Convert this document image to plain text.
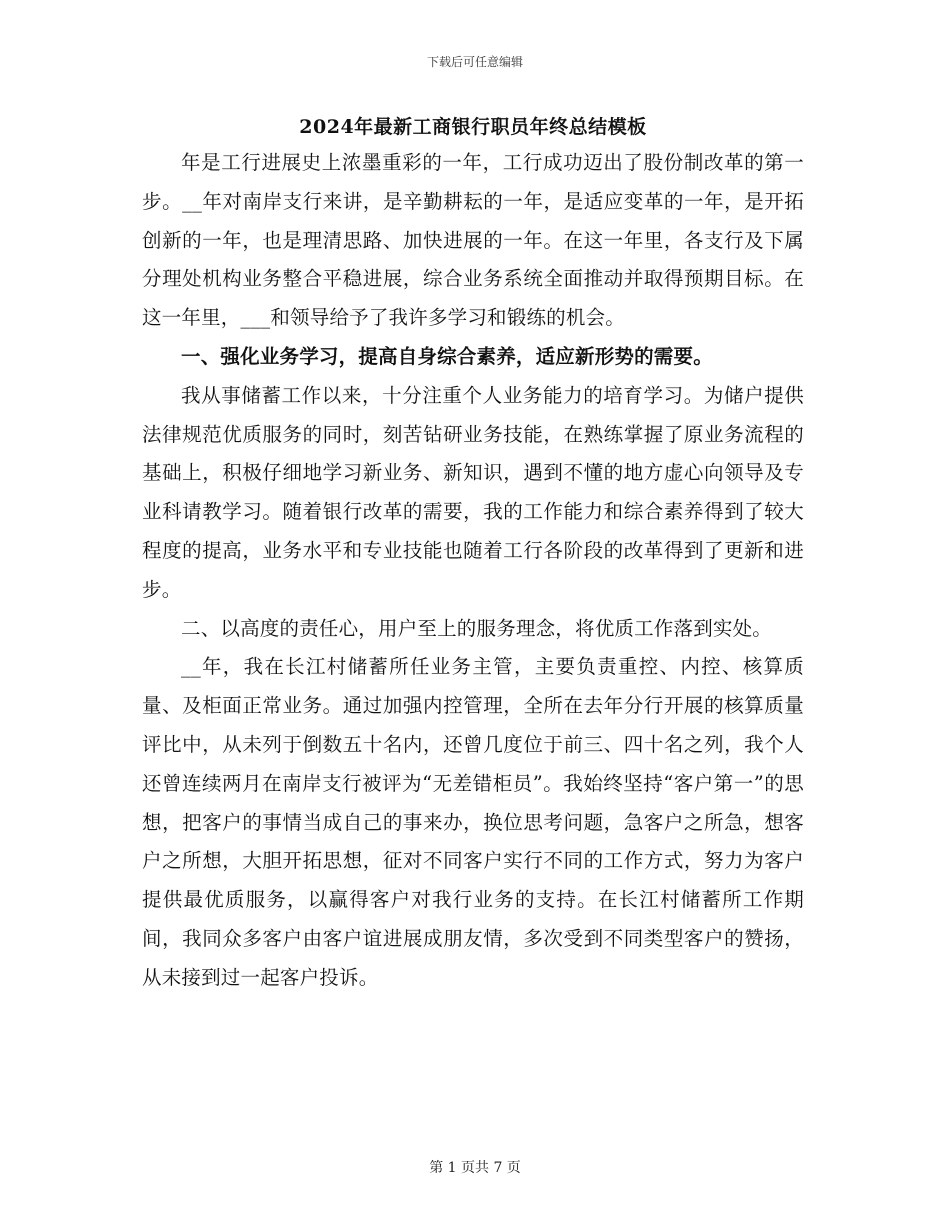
下载后可任意编辑
2024年最新工商银行职员年终总结模板

年是工行进展史上浓墨重彩的一年，工行成功迈出了股份制改革的第一步。__年对南岸支行来讲，是辛勤耕耘的一年，是适应变革的一年，是开拓创新的一年，也是理清思路、加快进展的一年。在这一年里，各支行及下属分理处机构业务整合平稳进展，综合业务系统全面推动并取得预期目标。在这一年里，___和领导给予了我许多学习和锻练的机会。

一、强化业务学习，提高自身综合素养，适应新形势的需要。

我从事储蓄工作以来，十分注重个人业务能力的培育学习。为储户提供法律规范优质服务的同时，刻苦钻研业务技能，在熟练掌握了原业务流程的基础上，积极仔细地学习新业务、新知识，遇到不懂的地方虚心向领导及专业科请教学习。随着银行改革的需要，我的工作能力和综合素养得到了较大程度的提高，业务水平和专业技能也随着工行各阶段的改革得到了更新和进步。

二、以高度的责任心，用户至上的服务理念，将优质工作落到实处。

__年，我在长江村储蓄所任业务主管，主要负责重控、内控、核算质量、及柜面正常业务。通过加强内控管理，全所在去年分行开展的核算质量评比中，从未列于倒数五十名内，还曾几度位于前三、四十名之列，我个人还曾连续两月在南岸支行被评为“无差错柜员”。我始终坚持“客户第一”的思想，把客户的事情当成自己的事来办，换位思考问题，急客户之所急，想客户之所想，大胆开拓思想，征对不同客户实行不同的工作方式，努力为客户提供最优质服务，以赢得客户对我行业务的支持。在长江村储蓄所工作期间，我同众多客户由客户谊进展成朋友情，多次受到不同类型客户的赞扬，从未接到过一起客户投诉。

第 1 页共 7 页
